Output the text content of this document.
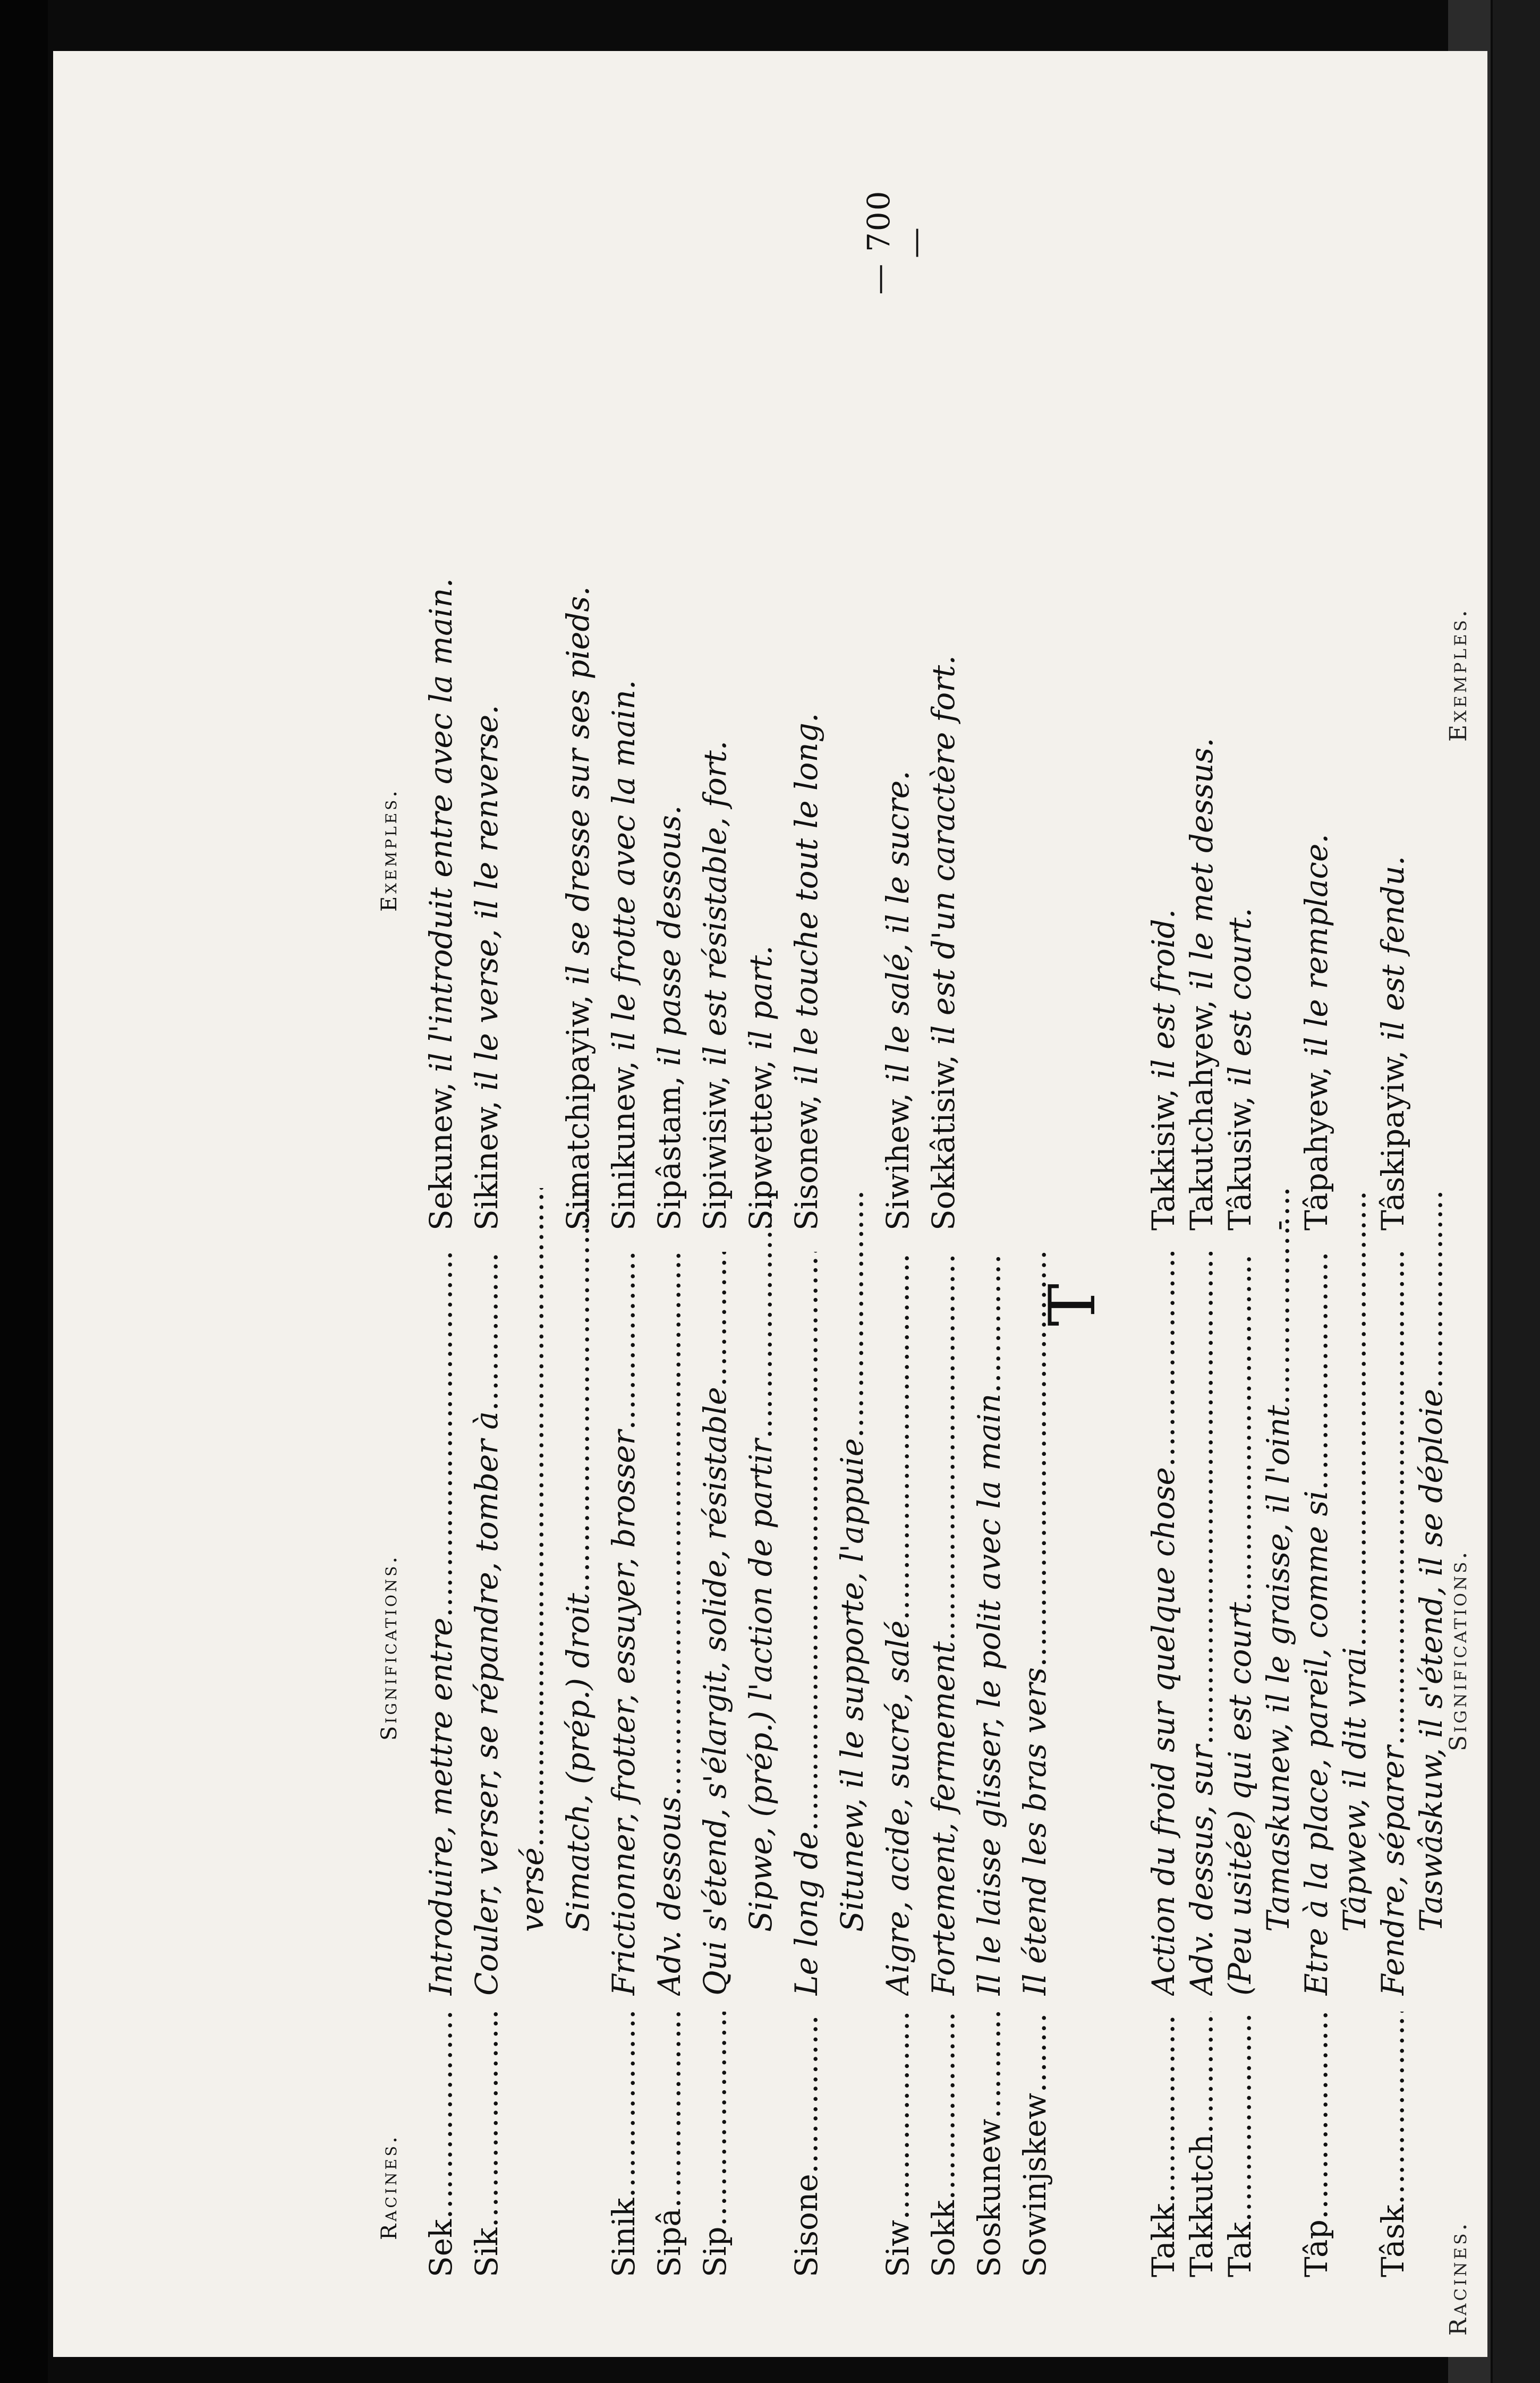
— 700 —
Racines.
Significations.
Exemples.
Sek …………………………………………………
Introduire, mettre entre …………………………………………………………………………………
Sekunew, il l'introduit entre avec la main.
Sik …………………………………………………
Couler, verser, se répandre, tomber à …………………………………………………………………………………
Sikinew, il le verse, il le renverse.
versé ………………………………………………………………………………… Simatch, (prép.) droit …………………………………………………………………………………
Simatchipayiw, il se dresse sur ses pieds.
Sinik …………………………………………………
Frictionner, frotter, essuyer, brosser …………………………………………………………………………………
Sinikunew, il le frotte avec la main.
Sipâ …………………………………………………
Adv. dessous …………………………………………………………………………………
Sipâstam, il passe dessous.
Sip …………………………………………………
Qui s'étend, s'élargit, solide, résistable …………………………………………………………………………………
Sipiwisiw, il est résistable, fort.
Sipwe, (prép.) l'action de partir …………………………………………………………………………………
Sipwettew, il part.
Sisone …………………………………………………
Le long de …………………………………………………………………………………
Sisonew, il le touche tout le long.
Situnew, il le supporte, l'appuie …………………………………………………………………………………
Siw …………………………………………………
Aigre, acide, sucré, salé …………………………………………………………………………………
Siwihew, il le salé, il le sucre.
Sokk …………………………………………………
Fortement, fermement …………………………………………………………………………………
Sokkâtisiw, il est d'un caractère fort.
Soskunew …………………………………………………
Il le laisse glisser, le polit avec la main …………………………………………………………………………………
Sowinjskew …………………………………………………
Il étend les bras vers …………………………………………………………………………………
T
Takk …………………………………………………
Action du froid sur quelque chose …………………………………………………………………………………
Takkisiw, il est froid.
Takkutch …………………………………………………
Adv. dessus, sur …………………………………………………………………………………
Takutchahyew, il le met dessus.
Tak …………………………………………………
(Peu usitée) qui est court …………………………………………………………………………………
Tâkusiw, il est court.
Tamaskunew, il le graisse, il l'oint …………………………………………………………………………………
-
Tâp …………………………………………………
Etre à la place, pareil, comme si …………………………………………………………………………………
Tâpahyew, il le remplace.
Tâpwew, il dit vrai …………………………………………………………………………………
Tâsk …………………………………………………
Fendre, séparer …………………………………………………………………………………
Tâskipayiw, il est fendu.
Taswâskuw, il s'étend, il se déploie …………………………………………………………………………………
Racines.
Significations.
Exemples.
